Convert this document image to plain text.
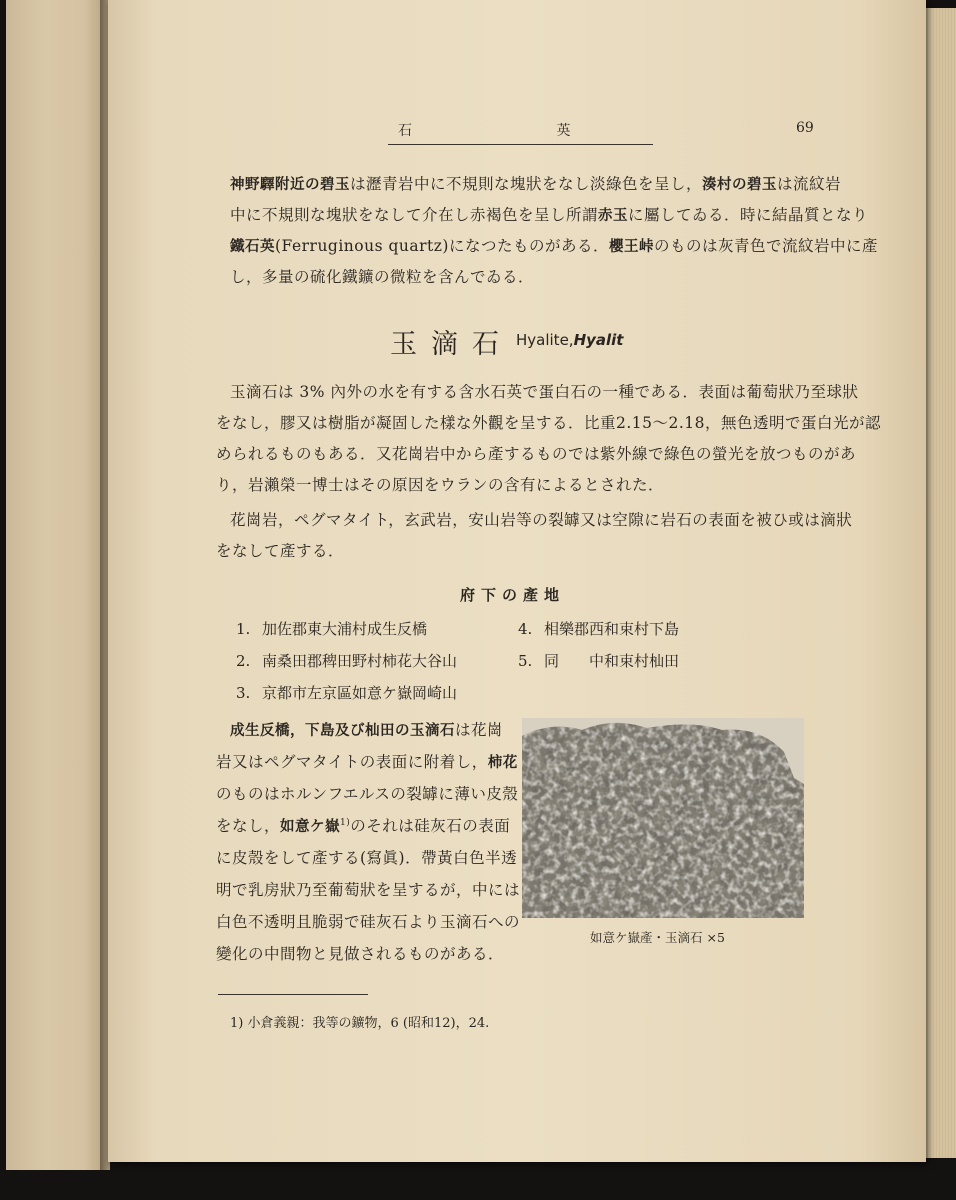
石 英	69
神野驛附近の碧玉は瀝青岩中に不規則な塊狀をなし淡綠色を呈し，湊村の碧玉は流紋岩
中に不規則な塊狀をなして介在し赤褐色を呈し所謂赤玉に屬してゐる．時に結晶質となり
鐵石英(Ferruginous quartz)になつたものがある．櫻王峠のものは灰青色で流紋岩中に產
し，多量の硫化鐵鑛の微粒を含んでゐる．
玉滴石 Hyalite,Hyalit
玉滴石は 3% 內外の水を有する含水石英で蛋白石の一種である．表面は葡萄狀乃至球狀
をなし，膠又は樹脂が凝固した樣な外觀を呈する．比重2.15～2.18，無色透明で蛋白光が認
められるものもある．又花崗岩中から產するものでは紫外線で綠色の螢光を放つものがあ
り，岩瀨榮一博士はその原因をウランの含有によるとされた．
花崗岩，ペグマタイト，玄武岩，安山岩等の裂罅又は空隙に岩石の表面を被ひ或は滴狀
をなして產する．
府下の產地
1. 加佐郡東大浦村成生反橋
2. 南桑田郡稗田野村柿花大谷山
3. 京都市左京區如意ケ嶽岡崎山
4. 相樂郡西和束村下島
5. 同　　中和束村杣田
成生反橋，下島及び杣田の玉滴石は花崗
岩又はペグマタイトの表面に附着し，柿花
のものはホルンフエルスの裂罅に薄い皮殼
をなし，如意ケ嶽$^{1)}$のそれは硅灰石の表面
に皮殼をして產する(寫眞)．帶黃白色半透
明で乳房狀乃至葡萄狀を呈するが，中には
白色不透明且脆弱で硅灰石より玉滴石への
變化の中間物と見做されるものがある．
如意ケ嶽產・玉滴石 ×5
1) 小倉義親：我等の鑛物，6 (昭和12)，24.
